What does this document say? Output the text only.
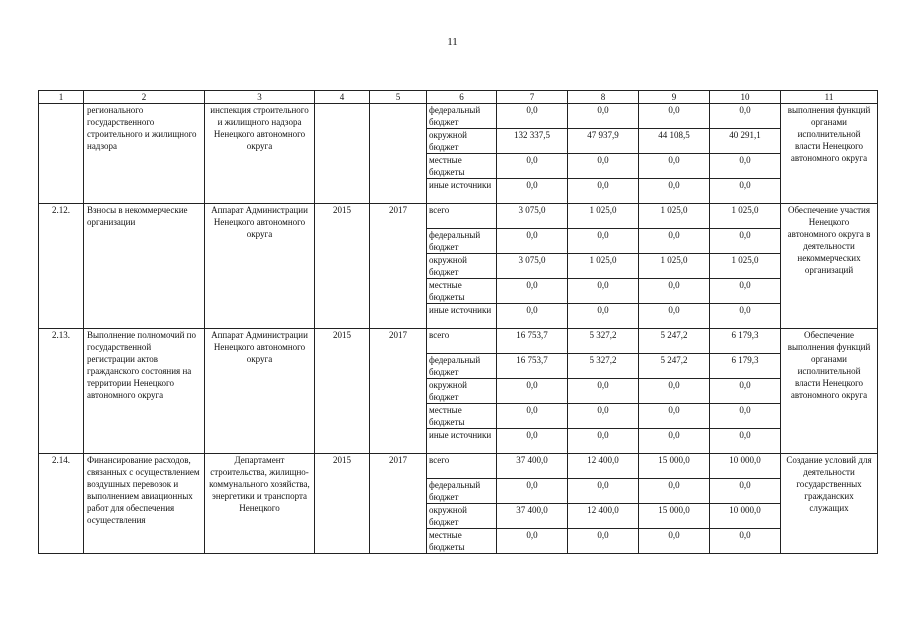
11
1	2	3	4	5	6	7	8	9	10	11
	регионального государственного строительного и жилищного надзора	инспекция строительного и жилищного надзора Ненецкого автономного округа			федеральный бюджет	0,0	0,0	0,0	0,0	выполнения функций органами исполнительной власти Ненецкого автономного округа
					окружной бюджет	132 337,5	47 937,9	44 108,5	40 291,1	
					местные бюджеты	0,0	0,0	0,0	0,0	
					иные источники	0,0	0,0	0,0	0,0	
2.12.	Взносы в некоммерческие организации	Аппарат Администрации Ненецкого автономного округа	2015	2017	всего	3 075,0	1 025,0	1 025,0	1 025,0	Обеспечение участия Ненецкого автономного округа в деятельности некоммерческих организаций
					федеральный бюджет	0,0	0,0	0,0	0,0	
					окружной бюджет	3 075,0	1 025,0	1 025,0	1 025,0	
					местные бюджеты	0,0	0,0	0,0	0,0	
					иные источники	0,0	0,0	0,0	0,0	
2.13.	Выполнение полномочий по государственной регистрации актов гражданского состояния на территории Ненецкого автономного округа	Аппарат Администрации Ненецкого автономного округа	2015	2017	всего	16 753,7	5 327,2	5 247,2	6 179,3	Обеспечение выполнения функций органами исполнительной власти Ненецкого автономного округа
					федеральный бюджет	16 753,7	5 327,2	5 247,2	6 179,3	
					окружной бюджет	0,0	0,0	0,0	0,0	
					местные бюджеты	0,0	0,0	0,0	0,0	
					иные источники	0,0	0,0	0,0	0,0	
2.14.	Финансирование расходов, связанных с осуществлением воздушных перевозок и выполнением авиационных работ для обеспечения осуществления	Департамент строительства, жилищно-коммунального хозяйства, энергетики и транспорта Ненецкого	2015	2017	всего	37 400,0	12 400,0	15 000,0	10 000,0	Создание условий для деятельности государственных гражданских служащих
					федеральный бюджет	0,0	0,0	0,0	0,0	
					окружной бюджет	37 400,0	12 400,0	15 000,0	10 000,0	
					местные бюджеты	0,0	0,0	0,0	0,0	
